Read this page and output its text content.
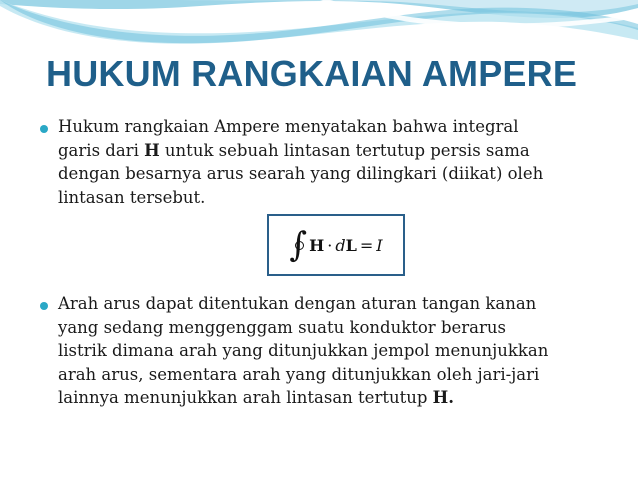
HUKUM RANGKAIAN AMPERE
Hukum rangkaian Ampere menyatakan bahwa integral
garis dari H untuk sebuah lintasan tertutup persis sama
dengan besarnya arus searah yang dilingkari (diikat) oleh
lintasan tersebut.
∫ H · d L = I
Arah arus dapat ditentukan dengan aturan tangan kanan
yang sedang menggenggam suatu konduktor berarus
listrik dimana arah yang ditunjukkan jempol menunjukkan
arah arus, sementara arah yang ditunjukkan oleh jari-jari
lainnya menunjukkan arah lintasan tertutup H.
